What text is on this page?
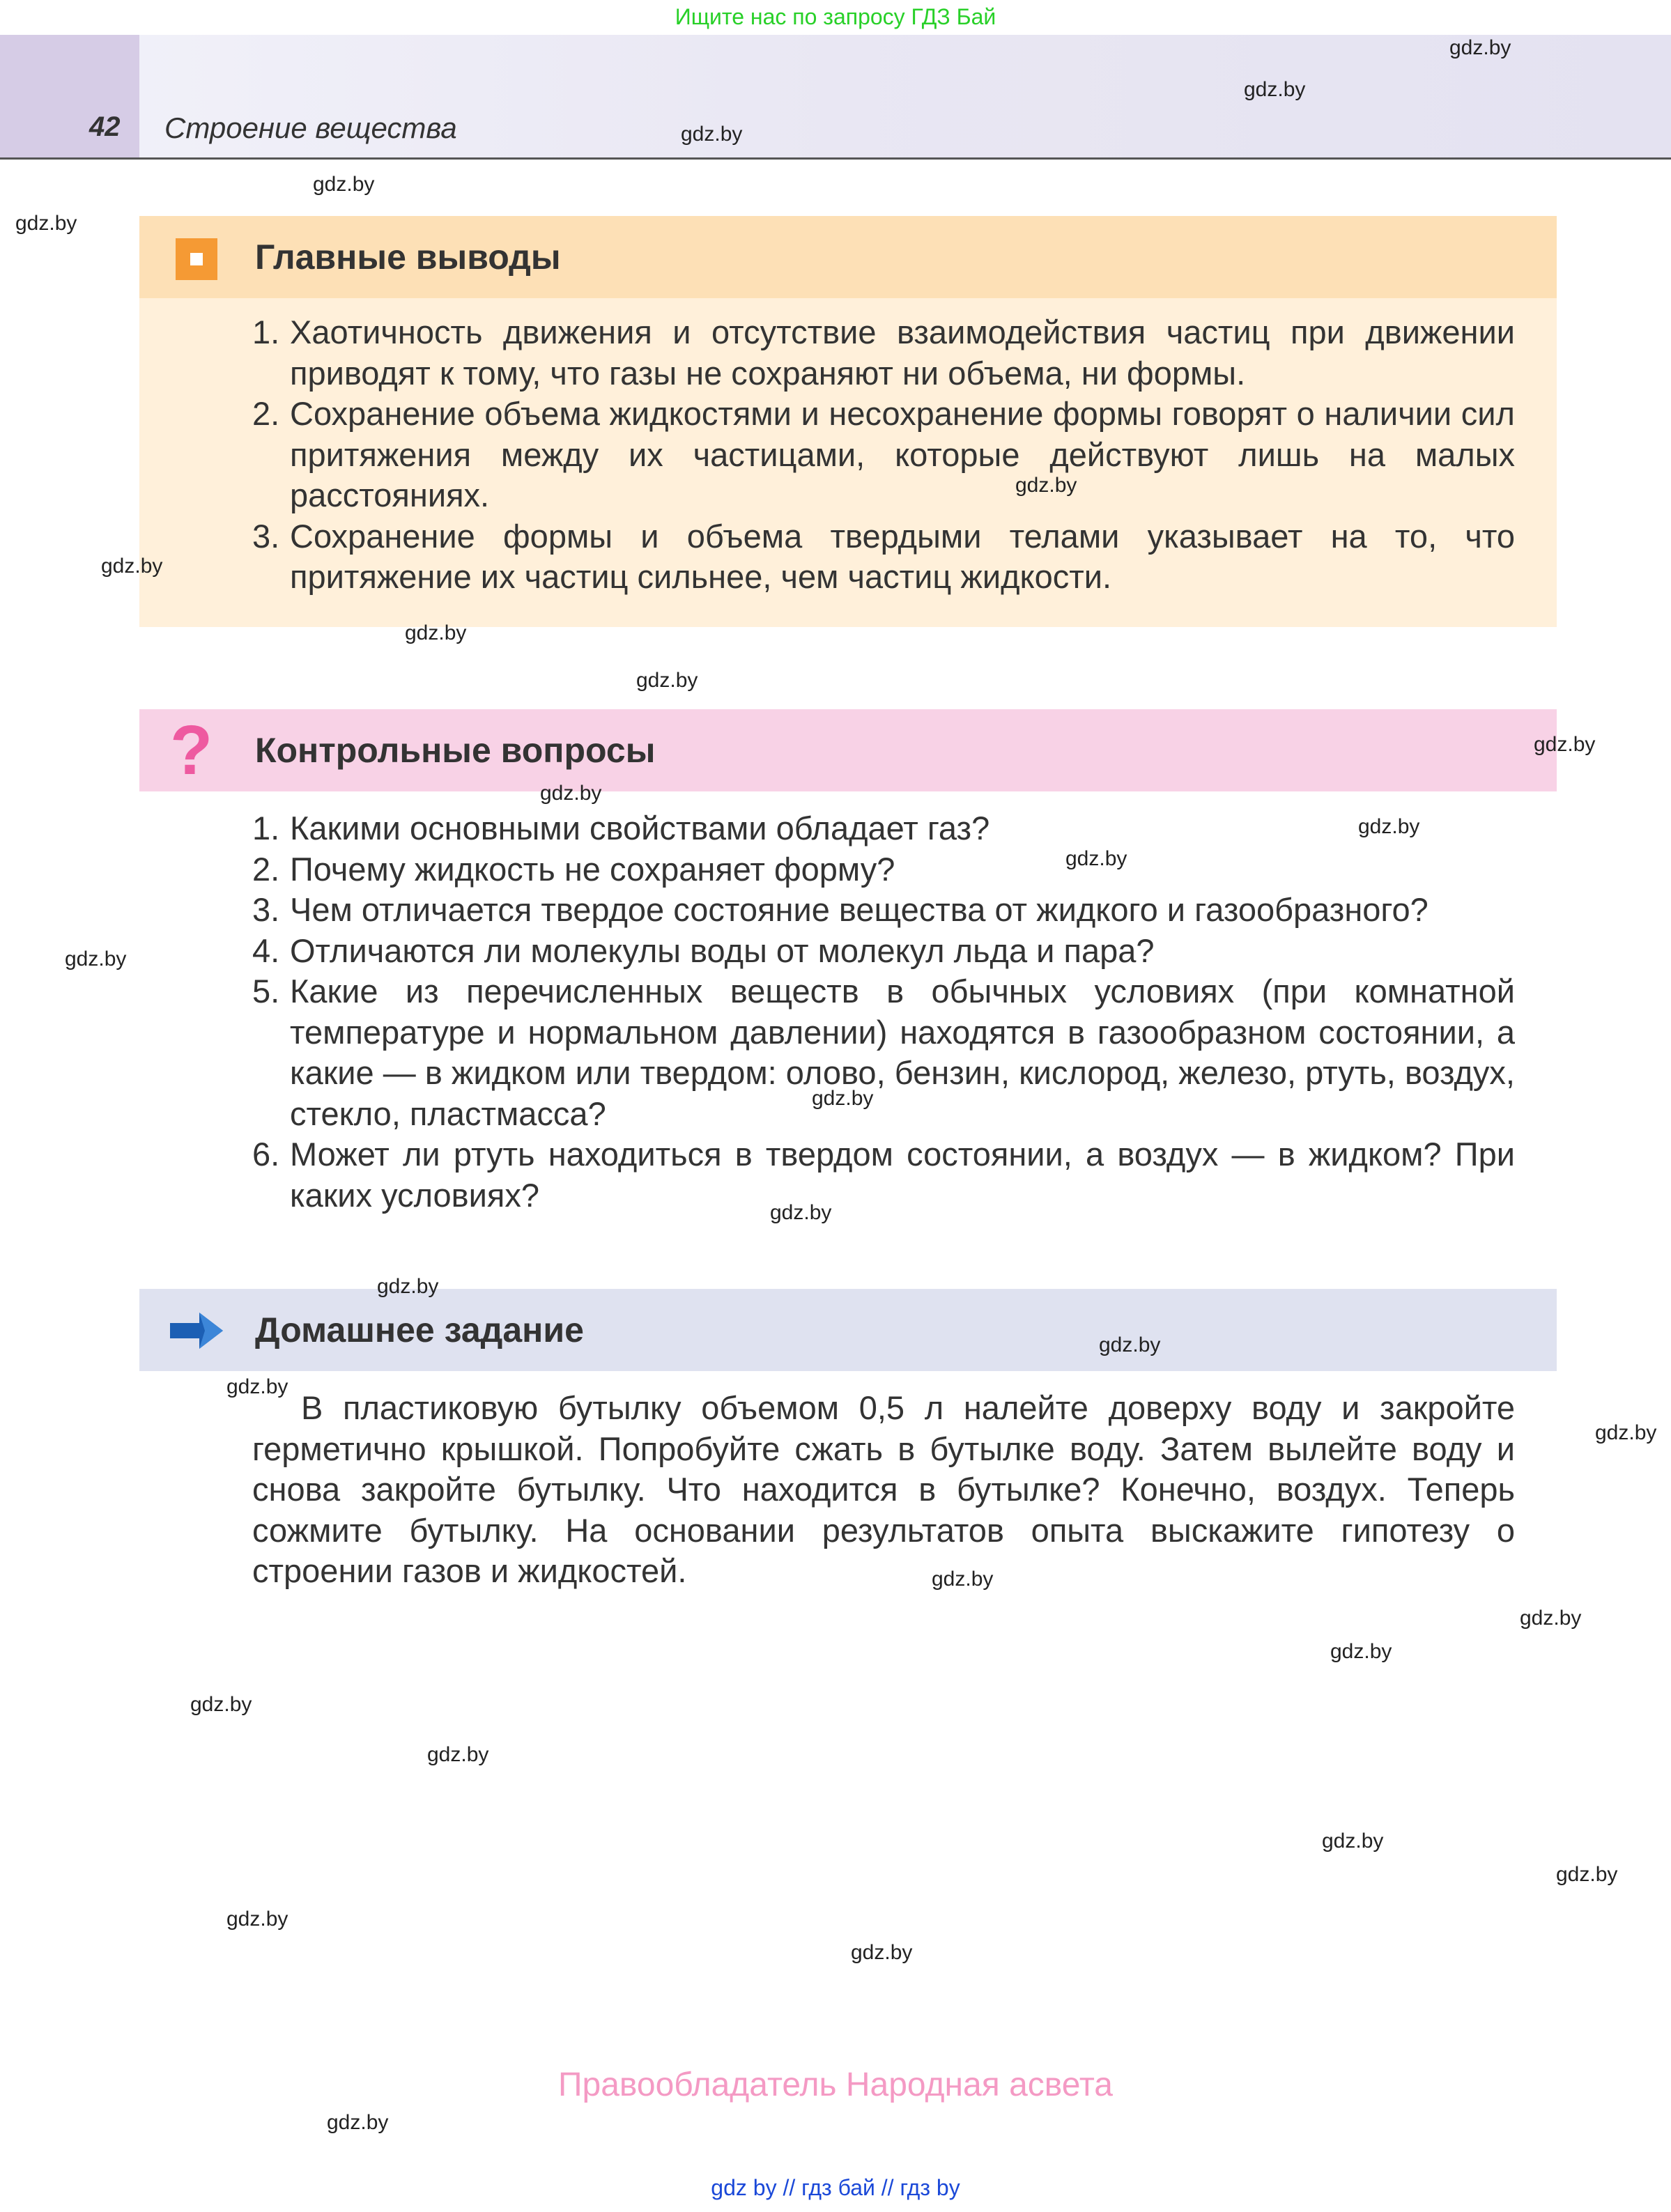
Ищите нас по запросу ГДЗ Бай
42 Строение вещества
Главные выводы
1. Хаотичность движения и отсутствие взаимодействия частиц при движении приводят к тому, что газы не сохраняют ни объема, ни формы.
2. Сохранение объема жидкостями и несохранение формы говорят о наличии сил притяжения между их частицами, которые действуют лишь на малых расстояниях.
3. Сохранение формы и объема твердыми телами указывает на то, что притяжение их частиц сильнее, чем частиц жидкости.
? Контрольные вопросы
1. Какими основными свойствами обладает газ?
2. Почему жидкость не сохраняет форму?
3. Чем отличается твердое состояние вещества от жидкого и газообразного?
4. Отличаются ли молекулы воды от молекул льда и пара?
5. Какие из перечисленных веществ в обычных условиях (при комнатной температуре и нормальном давлении) находятся в газообразном состоянии, а какие — в жидком или твердом: олово, бензин, кислород, железо, ртуть, воздух, стекло, пластмасса?
6. Может ли ртуть находиться в твердом состоянии, а воздух — в жидком? При каких условиях?
Домашнее задание

В пластиковую бутылку объемом 0,5 л налейте доверху воду и закройте герметично крышкой. Попробуйте сжать в бутылке воду. Затем вылейте воду и снова закройте бутылку. Что находится в бутылке? Конечно, воздух. Теперь сожмите бутылку. На основании результатов опыта выскажите гипотезу о строении газов и жидкостей.

gdz.by
gdz.by
gdz.by
gdz.by
gdz.by
gdz.by
gdz.by
gdz.by
gdz.by
gdz.by
gdz.by
gdz.by
gdz.by
gdz.by
gdz.by
gdz.by
gdz.by
gdz.by
gdz.by
gdz.by
gdz.by
gdz.by
gdz.by
gdz.by
gdz.by
gdz.by
gdz.by
gdz.by
gdz.by
gdz.by
Правообладатель Народная асвета
gdz by // гдз бай // гдз by
